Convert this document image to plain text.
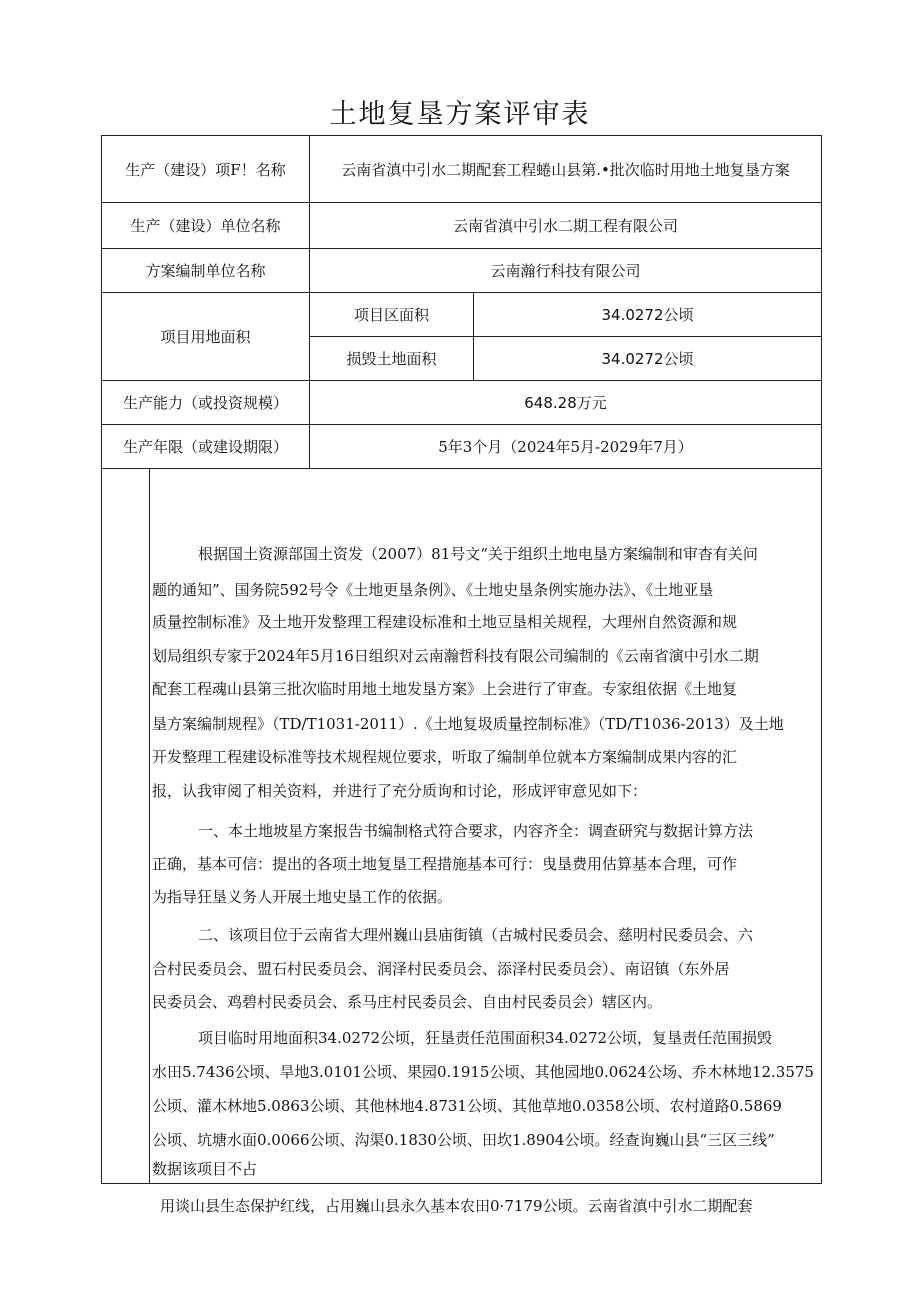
土地复垦方案评审表
生产（建设）项F！名称	云南省滇中引水二期配套工程蜷山县第.•批次临时用地土地复垦方案
生产（建设）单位名称	云南省滇中引水二期工程有限公司
方案编制单位名称	云南瀚行科技有限公司
项目用地面积
项目区面积	34.0272公顷
损毁土地面积	34.0272公顷
生产能力（或投资规模）	648.28万元
生产年限（或建设期限）	5年3个月（2024年5月-2029年7月）
根据国土资源部国土资发（2007）81号文“关于组织土地电垦方案编制和审杳有关问
题的通知”、国务院592号令《土地更垦条例》、《土地史垦条例实施办法》、《土地亚垦
质量控制标准》及土地开发整理工程建设标准和土地豆垦相关规程，大理州自然资源和规
划局组织专家于2024年5月16日组织对云南瀚哲科技有限公司编制的《云南省演中引水二期
配套工程魂山县第三批次临时用地土地发垦方案》上会进行了审查。专家组依据《土地复
垦方案编制规程》（TD/T1031-2011）.《土地复圾质量控制标准》（TD/T1036-2013）及土地
开发整理工程建设标准等技术规程规位要求，听取了编制单位就本方案编制成果内容的汇
报，认我审阅了相关资料，并进行了充分质询和讨论，形成评审意见如下：
一、本土地坡星方案报告书编制格式符合要求，内容齐全：调查研究与数据计算方法
正确，基本可信：提出的各项土地复垦工程措施基本可行：曳垦费用估算基本合理，可作
为指导狂垦义务人开展土地史垦工作的依据。
二、该项目位于云南省大理州巍山县庙街镇（古城村民委员会、慈明村民委员会、六
合村民委员会、盟石村民委员会、润泽村民委员会、添泽村民委员会）、南诏镇（东外居
民委员会、鸡碧村民委员会、系马庄村民委员会、自由村民委员会）辖区内。
项目临时用地面积34.0272公顷，狂垦责任范围面积34.0272公顷，复垦责任范围损毁
水田5.7436公顷、旱地3.0101公顷、果园0.1915公顷、其他园地0.0624公场、乔木林地12.3575
公顷、灌木林地5.0863公顷、其他林地4.8731公顷、其他草地0.0358公顷、农村道路0.5869
公顷、坑塘水面0.0066公顷、沟渠0.1830公顷、田坎1.8904公顷。经查询巍山县“三区三线”
数据该项目不占
用谈山县生态保护红线，占用巍山县永久基本农田0·7179公顷。云南省滇中引水二期配套
